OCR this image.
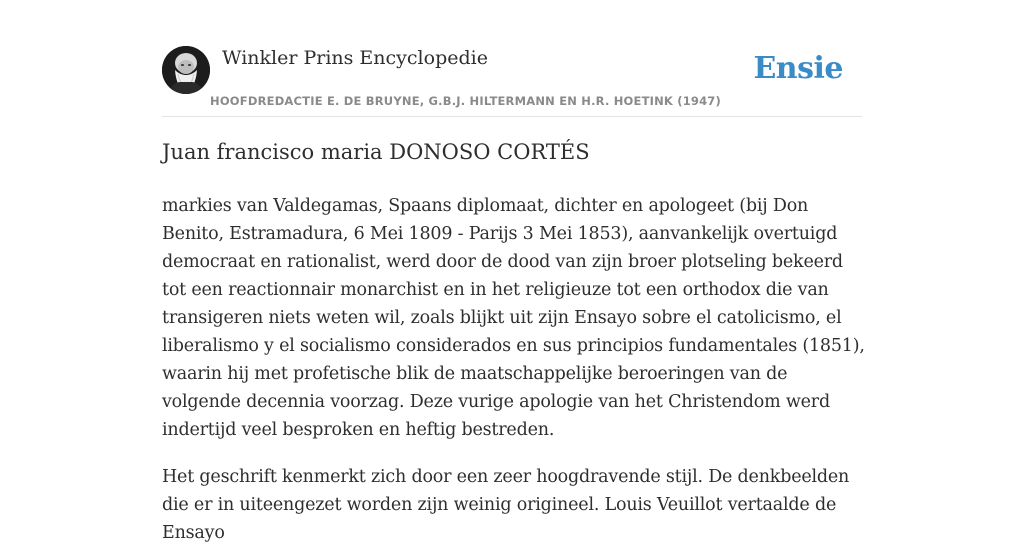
Winkler Prins Encyclopedie
HOOFDREDACTIE E. DE BRUYNE, G.B.J. HILTERMANN EN H.R. HOETINK (1947)
Ensie
Juan francisco maria DONOSO CORTÉS

markies van Valdegamas, Spaans diplomaat, dichter en apologeet (bij Don Benito, Estramadura, 6 Mei 1809 - Parijs 3 Mei 1853), aanvankelijk overtuigd democraat en rationalist, werd door de dood van zijn broer plotseling bekeerd tot een reactionnair monarchist en in het religieuze tot een orthodox die van transigeren niets weten wil, zoals blijkt uit zijn Ensayo sobre el catolicismo, el liberalismo y el socialismo considerados en sus principios fundamentales (1851), waarin hij met profetische blik de maatschappelijke beroeringen van de volgende decennia voorzag. Deze vurige apologie van het Christendom werd indertijd veel besproken en heftig bestreden.

Het geschrift kenmerkt zich door een zeer hoogdravende stijl. De denkbeelden die er in uiteengezet worden zijn weinig origineel. Louis Veuillot vertaalde de Ensayo
